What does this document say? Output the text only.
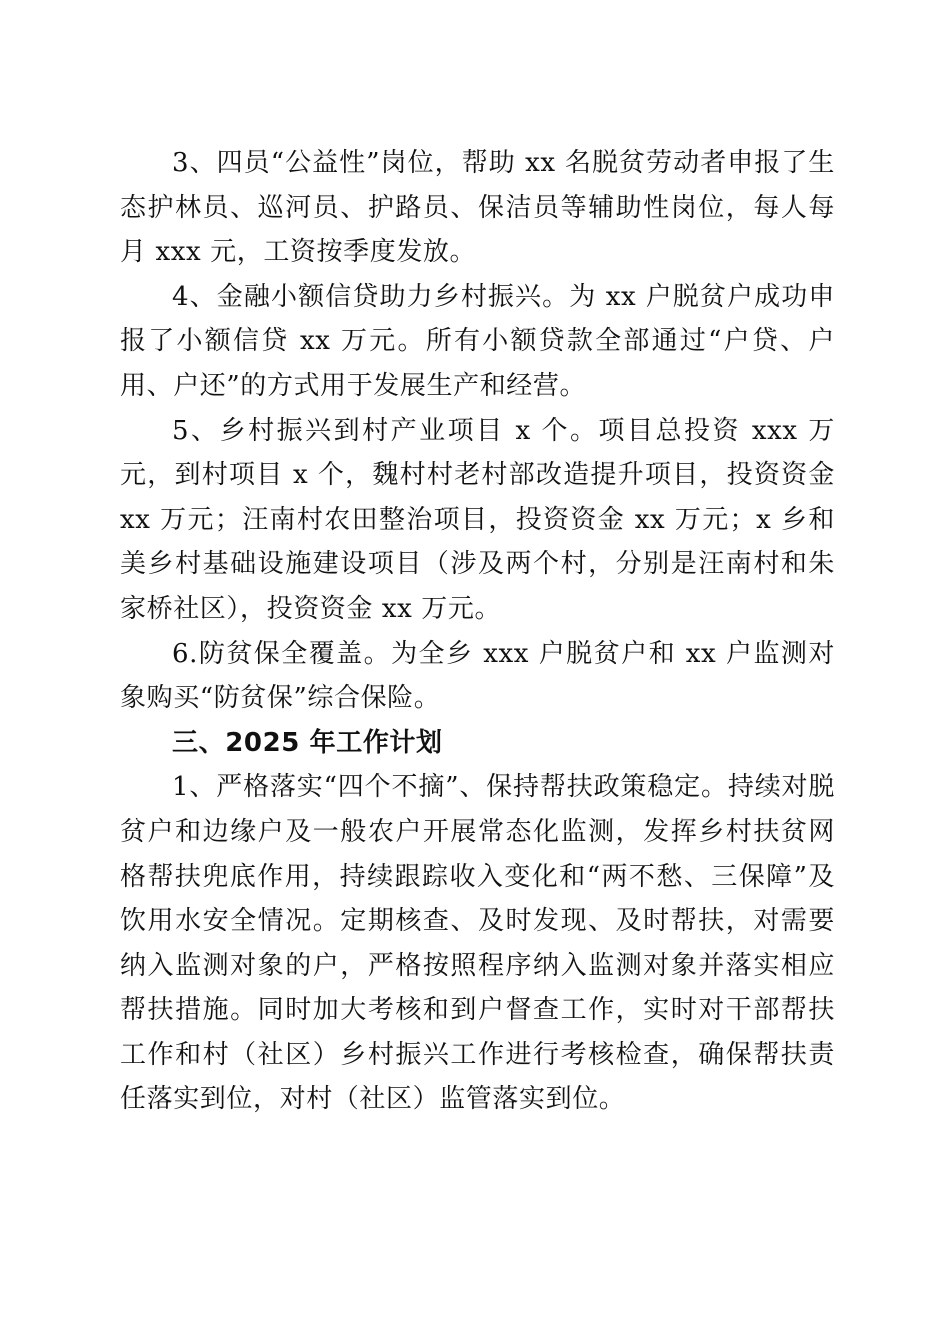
3、四员“公益性”岗位，帮助 xx 名脱贫劳动者申报了生态护林员、巡河员、护路员、保洁员等辅助性岗位，每人每月 xxx 元，工资按季度发放。

4、金融小额信贷助力乡村振兴。为 xx 户脱贫户成功申报了小额信贷 xx 万元。所有小额贷款全部通过“户贷、户用、户还”的方式用于发展生产和经营。

5、乡村振兴到村产业项目 x 个。项目总投资 xxx 万元，到村项目 x 个，魏村村老村部改造提升项目，投资资金 xx 万元；汪南村农田整治项目，投资资金 xx 万元；x 乡和美乡村基础设施建设项目（涉及两个村，分别是汪南村和朱家桥社区），投资资金 xx 万元。

6.防贫保全覆盖。为全乡 xxx 户脱贫户和 xx 户监测对象购买“防贫保”综合保险。

三、2025 年工作计划

1、严格落实“四个不摘”、保持帮扶政策稳定。持续对脱贫户和边缘户及一般农户开展常态化监测，发挥乡村扶贫网格帮扶兜底作用，持续跟踪收入变化和“两不愁、三保障”及饮用水安全情况。定期核查、及时发现、及时帮扶，对需要纳入监测对象的户，严格按照程序纳入监测对象并落实相应帮扶措施。同时加大考核和到户督查工作，实时对干部帮扶工作和村（社区）乡村振兴工作进行考核检查，确保帮扶责任落实到位，对村（社区）监管落实到位。
